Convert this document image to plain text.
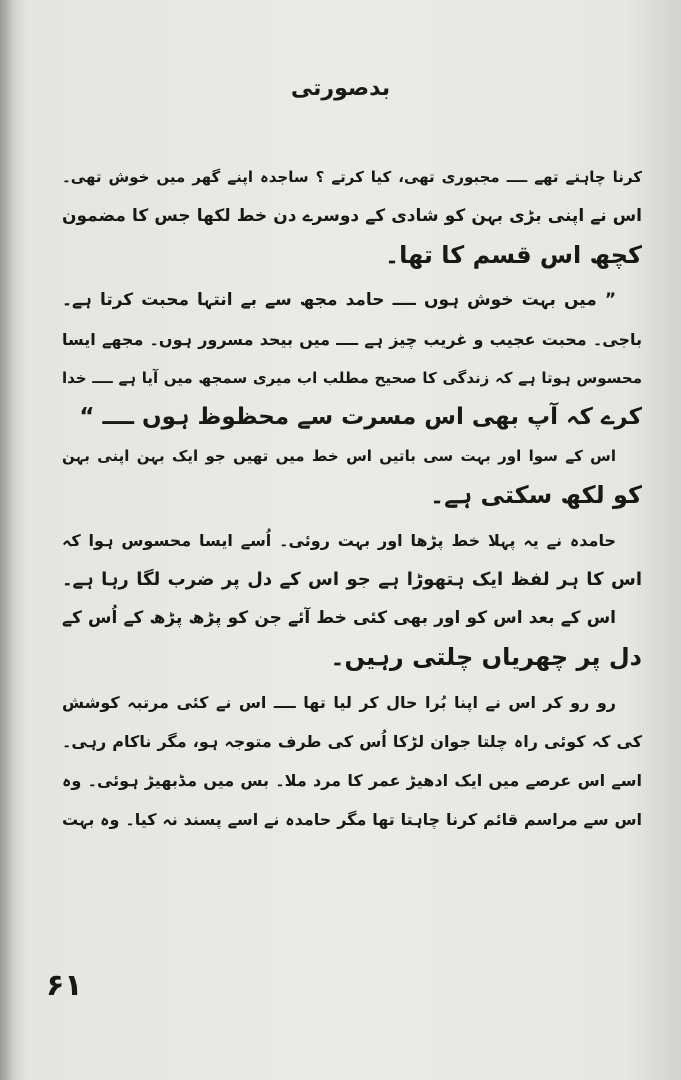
بدصورتی
کرنا چاہتے تھے ــــ مجبوری تھی، کیا کرتے ؟ ساجدہ اپنے گھر میں خوش تھی۔
اس نے اپنی بڑی بہن کو شادی کے دوسرے دن خط لکھا جس کا مضمون
کچھ اس قسم کا تھا۔
” میں بہت خوش ہوں ــــ حامد مجھ سے بے انتہا محبت کرتا ہے۔
باجی۔ محبت عجیب و غریب چیز ہے ــــ میں بیحد مسرور ہوں۔ مجھے ایسا
محسوس ہوتا ہے کہ زندگی کا صحیح مطلب اب میری سمجھ میں آیا ہے ــــ خدا
کرے کہ آپ بھی اس مسرت سے محظوظ ہوں ــــ “
اس کے سوا اور بہت سی باتیں اس خط میں تھیں جو ایک بہن اپنی بہن
کو لکھ سکتی ہے۔
حامدہ نے یہ پہلا خط پڑھا اور بہت روئی۔ اُسے ایسا محسوس ہوا کہ
اس کا ہر لفظ ایک ہتھوڑا ہے جو اس کے دل پر ضرب لگا رہا ہے۔
اس کے بعد اس کو اور بھی کئی خط آئے جن کو پڑھ پڑھ کے اُس کے
دل پر چھریاں چلتی رہیں۔
رو رو کر اس نے اپنا بُرا حال کر لیا تھا ــــ اس نے کئی مرتبہ کوشش
کی کہ کوئی راہ چلتا جوان لڑکا اُس کی طرف متوجہ ہو، مگر ناکام رہی۔
اسے اس عرصے میں ایک ادھیڑ عمر کا مرد ملا۔ بس میں مڈبھیڑ ہوئی۔ وہ
اس سے مراسم قائم کرنا چاہتا تھا مگر حامدہ نے اسے پسند نہ کیا۔ وہ بہت
۶۱
